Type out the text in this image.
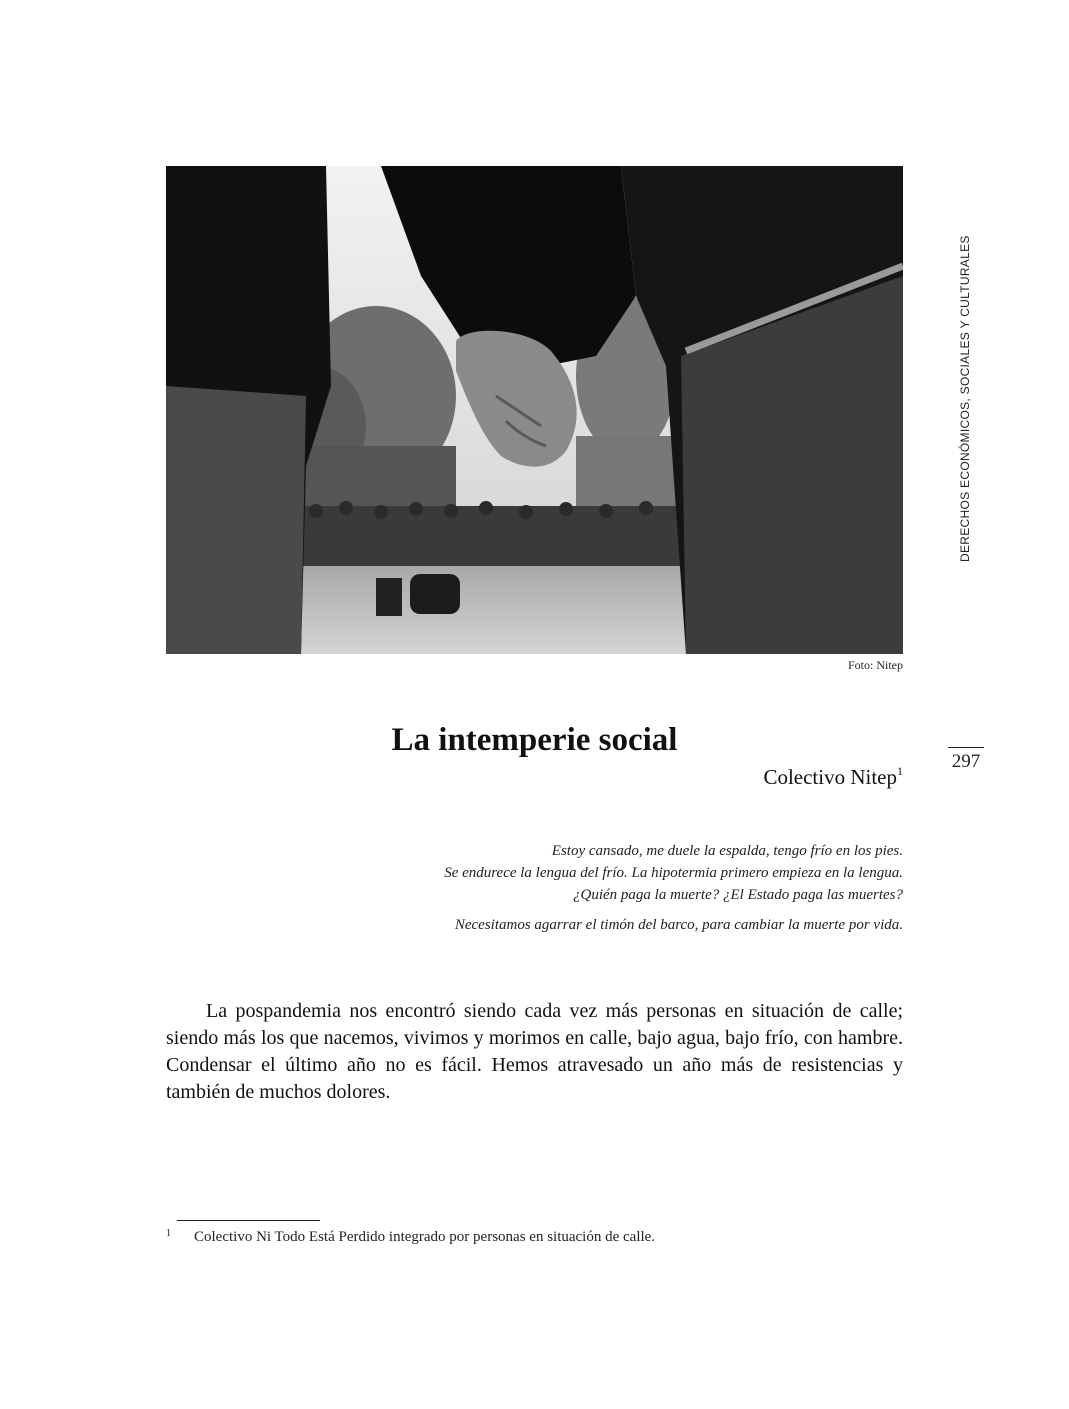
Foto: Nitep
DERECHOS ECONÓMICOS, SOCIALES Y CULTURALES
297
La intemperie social
Colectivo Nitep$^1$
Estoy cansado, me duele la espalda, tengo frío en los pies.
Se endurece la lengua del frío. La hipotermia primero empieza en la lengua.
¿Quién paga la muerte? ¿El Estado paga las muertes?
Necesitamos agarrar el timón del barco, para cambiar la muerte por vida.

La pospandemia nos encontró siendo cada vez más personas en situación de calle; siendo más los que nacemos, vivimos y morimos en calle, bajo agua, bajo frío, con hambre. Condensar el último año no es fácil. Hemos atravesado un año más de resistencias y también de muchos dolores.

1 Colectivo Ni Todo Está Perdido integrado por personas en situación de calle.
